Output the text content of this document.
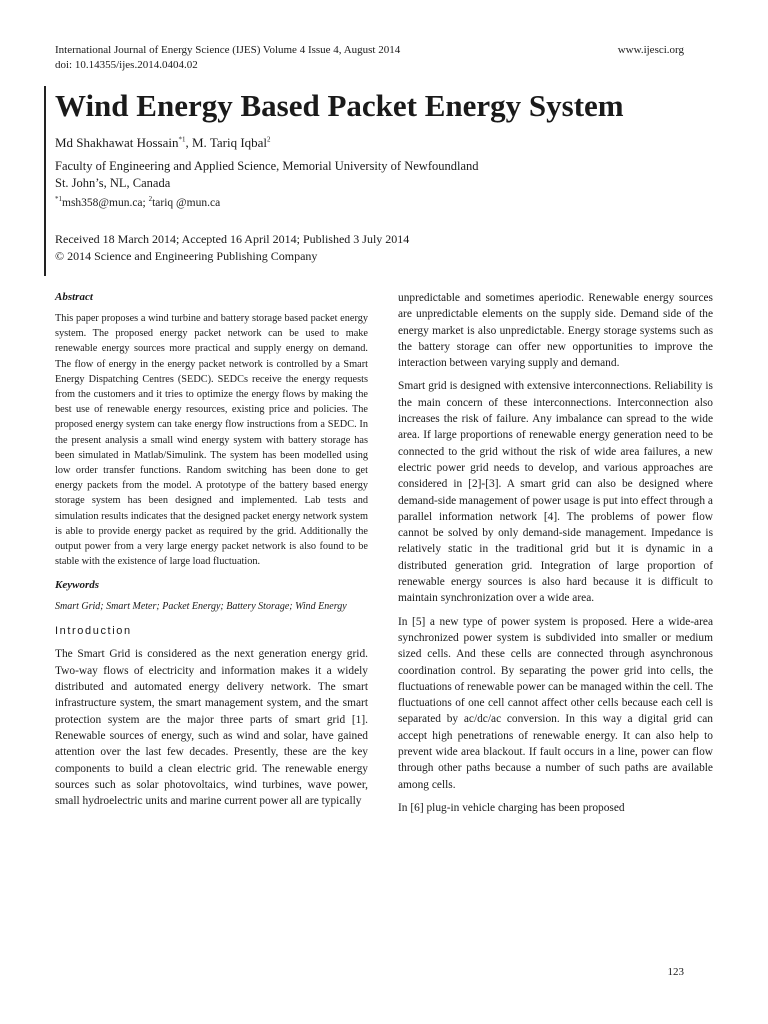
International Journal of Energy Science (IJES) Volume 4 Issue 4, August 2014
doi: 10.14355/ijes.2014.0404.02
www.ijesci.org
Wind Energy Based Packet Energy System
Md Shakhawat Hossain$^{*1}$, M. Tariq Iqbal$^2$
Faculty of Engineering and Applied Science, Memorial University of Newfoundland
St. John’s, NL, Canada
$^{*1}$msh358@mun.ca; $^2$tariq @mun.ca
Received 18 March 2014; Accepted 16 April 2014; Published 3 July 2014
© 2014 Science and Engineering Publishing Company
Abstract

This paper proposes a wind turbine and battery storage based packet energy system. The proposed energy packet network can be used to make renewable energy sources more practical and supply energy on demand. The flow of energy in the energy packet network is controlled by a Smart Energy Dispatching Centres (SEDC). SEDCs receive the energy requests from the customers and it tries to optimize the energy flows by making the best use of renewable energy resources, existing price and policies. The proposed energy system can take energy flow instructions from a SEDC. In the present analysis a small wind energy system with battery storage has been simulated in Matlab/Simulink. The system has been modelled using low order transfer functions. Random switching has been done to get energy packets from the model. A prototype of the battery based energy storage system has been designed and implemented. Lab tests and simulation results indicates that the designed packet energy network system is able to provide energy packet as required by the grid. Additionally the output power from a very large energy packet network is also found to be stable with the existence of large load fluctuation.

Keywords

Smart Grid; Smart Meter; Packet Energy; Battery Storage; Wind Energy

Introduction

The Smart Grid is considered as the next generation energy grid. Two-way flows of electricity and information makes it a widely distributed and automated energy delivery network. The smart infrastructure system, the smart management system, and the smart protection system are the major three parts of smart grid [1]. Renewable sources of energy, such as wind and solar, have gained attention over the last few decades. Presently, these are the key components to build a clean electric grid. The renewable energy sources such as solar photovoltaics, wind turbines, wave power, small hydroelectric units and marine current power all are typically

unpredictable and sometimes aperiodic. Renewable energy sources are unpredictable elements on the supply side. Demand side of the energy market is also unpredictable. Energy storage systems such as the battery storage can offer new opportunities to improve the interaction between varying supply and demand.

Smart grid is designed with extensive interconnections. Reliability is the main concern of these interconnections. Interconnection also increases the risk of failure. Any imbalance can spread to the wide area. If large proportions of renewable energy generation need to be connected to the grid without the risk of wide area failures, a new electric power grid needs to develop, and various approaches are considered in [2]-[3]. A smart grid can also be designed where demand-side management of power usage is put into effect through a parallel information network [4]. The problems of power flow cannot be solved by only demand-side management. Impedance is relatively static in the traditional grid but it is dynamic in a distributed generation grid. Integration of large proportion of renewable energy sources is also hard because it is difficult to maintain synchronization over a wide area.

In [5] a new type of power system is proposed. Here a wide-area synchronized power system is subdivided into smaller or medium sized cells. And these cells are connected through asynchronous coordination control. By separating the power grid into cells, the fluctuations of renewable power can be managed within the cell. The fluctuations of one cell cannot affect other cells because each cell is separated by ac/dc/ac conversion. In this way a digital grid can accept high penetrations of renewable energy. It can also help to prevent wide area blackout. If fault occurs in a line, power can flow through other paths because a number of such paths are available among cells.

In [6] plug-in vehicle charging has been proposed

123
